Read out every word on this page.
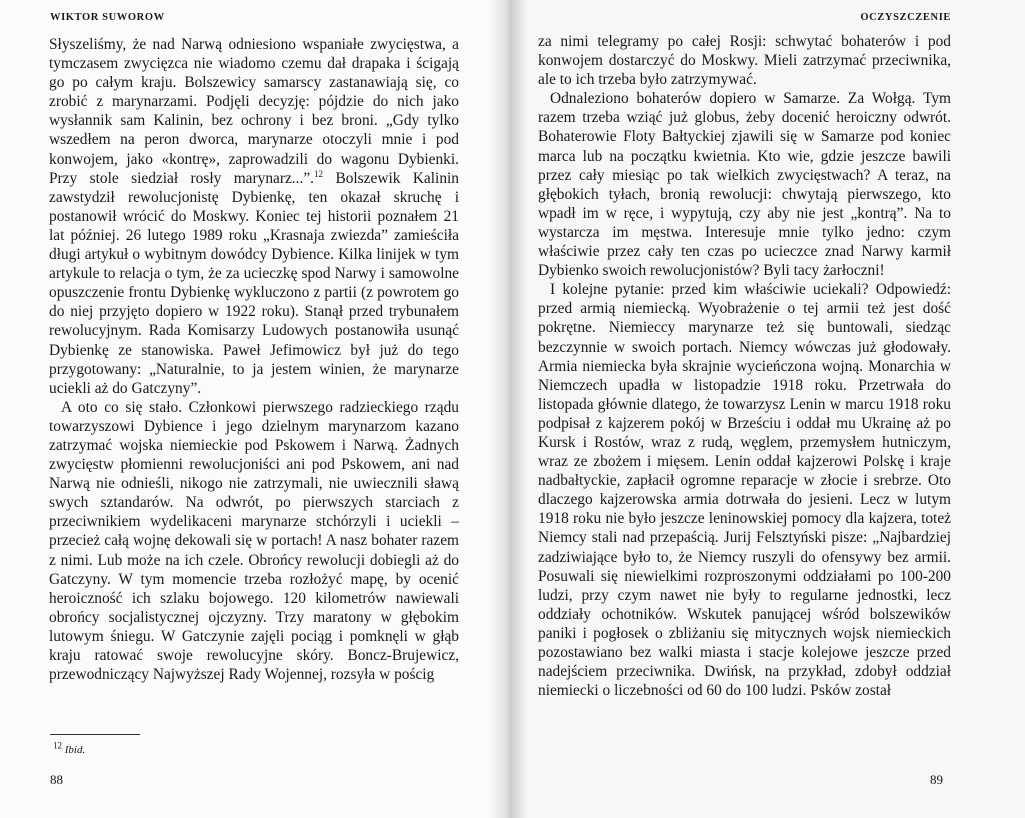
WIKTOR SUWOROW

Słyszeliśmy, że nad Narwą odniesiono wspaniałe zwycięstwa, a tymczasem zwycięzca nie wiadomo czemu dał drapaka i ścigają go po całym kraju. Bolszewicy samarscy zastanawiają się, co zrobić z marynarzami. Podjęli decyzję: pójdzie do nich jako wysłannik sam Kalinin, bez ochrony i bez broni. „Gdy tylko wszedłem na peron dworca, marynarze otoczyli mnie i pod konwojem, jako «kontrę», zaprowadzili do wagonu Dybienki. Przy stole siedział rosły marynarz...”.$^{12}$ Bolszewik Kalinin zawstydził rewolucjonistę Dybienkę, ten okazał skruchę i postanowił wrócić do Moskwy. Koniec tej historii poznałem 21 lat później. 26 lutego 1989 roku „Krasnaja zwiezda” zamieściła długi artykuł o wybitnym dowódcy Dybience. Kilka linijek w tym artykule to relacja o tym, że za ucieczkę spod Narwy i samowolne opuszczenie frontu Dybienkę wykluczono z partii (z powrotem go do niej przyjęto dopiero w 1922 roku). Stanął przed trybunałem rewolucyjnym. Rada Komisarzy Ludowych postanowiła usunąć Dybienkę ze stanowiska. Paweł Jefimowicz był już do tego przygotowany: „Naturalnie, to ja jestem winien, że marynarze uciekli aż do Gatczyny”.

A oto co się stało. Członkowi pierwszego radzieckiego rządu towarzyszowi Dybience i jego dzielnym marynarzom kazano zatrzymać wojska niemieckie pod Pskowem i Narwą. Żadnych zwycięstw płomienni rewolucjoniści ani pod Pskowem, ani nad Narwą nie odnieśli, nikogo nie zatrzymali, nie uwiecznili sławą swych sztandarów. Na odwrót, po pierwszych starciach z przeciwnikiem wydelikaceni marynarze stchórzyli i uciekli – przecież całą wojnę dekowali się w portach! A nasz bohater razem z nimi. Lub może na ich czele. Obrońcy rewolucji dobiegli aż do Gatczyny. W tym momencie trzeba rozłożyć mapę, by ocenić heroiczność ich szlaku bojowego. 120 kilometrów nawiewali obrońcy socjalistycznej ojczyzny. Trzy maratony w głębokim lutowym śniegu. W Gatczynie zajęli pociąg i pomknęli w głąb kraju ratować swoje rewolucyjne skóry. Boncz-Brujewicz, przewodniczący Najwyższej Rady Wojennej, rozsyła w pościg

$^{12}$ Ibid.
88
OCZYSZCZENIE

za nimi telegramy po całej Rosji: schwytać bohaterów i pod konwojem dostarczyć do Moskwy. Mieli zatrzymać przeciwnika, ale to ich trzeba było zatrzymywać.

Odnaleziono bohaterów dopiero w Samarze. Za Wołgą. Tym razem trzeba wziąć już globus, żeby docenić heroiczny odwrót. Bohaterowie Floty Bałtyckiej zjawili się w Samarze pod koniec marca lub na początku kwietnia. Kto wie, gdzie jeszcze bawili przez cały miesiąc po tak wielkich zwycięstwach? A teraz, na głębokich tyłach, bronią rewolucji: chwytają pierwszego, kto wpadł im w ręce, i wypytują, czy aby nie jest „kontrą”. Na to wystarcza im męstwa. Interesuje mnie tylko jedno: czym właściwie przez cały ten czas po ucieczce znad Narwy karmił Dybienko swoich rewolucjonistów? Byli tacy żarłoczni!

I kolejne pytanie: przed kim właściwie uciekali? Odpowiedź: przed armią niemiecką. Wyobrażenie o tej armii też jest dość pokrętne. Niemieccy marynarze też się buntowali, siedząc bezczynnie w swoich portach. Niemcy wówczas już głodowały. Armia niemiecka była skrajnie wycieńczona wojną. Monarchia w Niemczech upadła w listopadzie 1918 roku. Przetrwała do listopada głównie dlatego, że towarzysz Lenin w marcu 1918 roku podpisał z kajzerem pokój w Brześciu i oddał mu Ukrainę aż po Kursk i Rostów, wraz z rudą, węglem, przemysłem hutniczym, wraz ze zbożem i mięsem. Lenin oddał kajzerowi Polskę i kraje nadbałtyckie, zapłacił ogromne reparacje w złocie i srebrze. Oto dlaczego kajzerowska armia dotrwała do jesieni. Lecz w lutym 1918 roku nie było jeszcze leninowskiej pomocy dla kajzera, toteż Niemcy stali nad przepaścią. Jurij Felsztyński pisze: „Najbardziej zadziwiające było to, że Niemcy ruszyli do ofensywy bez armii. Posuwali się niewielkimi rozproszonymi oddziałami po 100-200 ludzi, przy czym nawet nie były to regularne jednostki, lecz oddziały ochotników. Wskutek panującej wśród bolszewików paniki i pogłosek o zbliżaniu się mitycznych wojsk niemieckich pozostawiano bez walki miasta i stacje kolejowe jeszcze przed nadejściem przeciwnika. Dwińsk, na przykład, zdobył oddział niemiecki o liczebności od 60 do 100 ludzi. Psków został

89
